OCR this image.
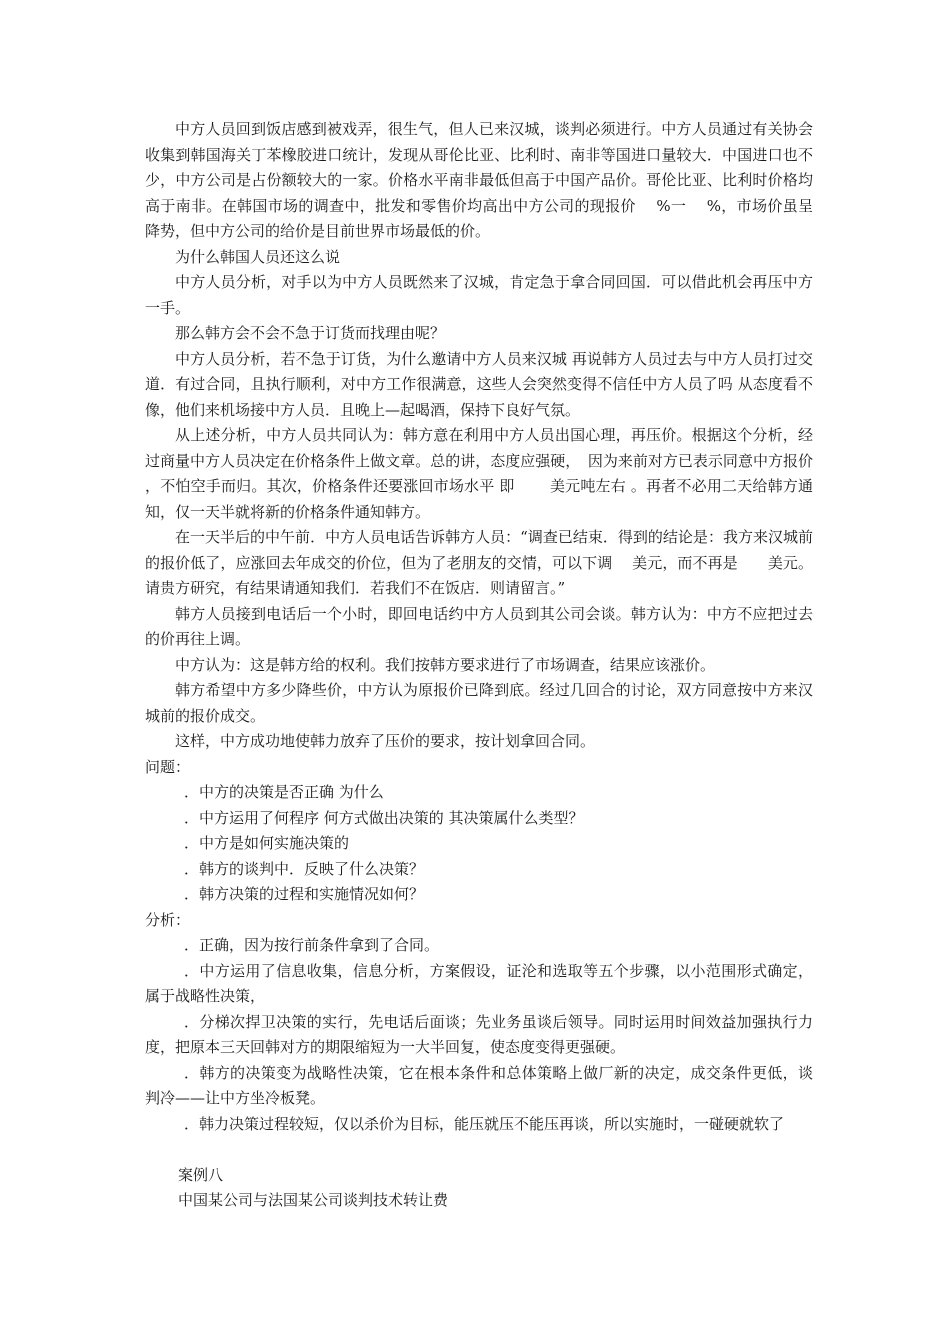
中方人员回到饭店感到被戏弄，很生气，但人已来汉城，谈判必须进行。中方人员通过有关协会收集到韩国海关丁苯橡胶进口统计，发现从哥伦比亚、比利时、南非等国进口量较大．中国进口也不少，中方公司是占份额较大的一家。价格水平南非最低但高于中国产品价。哥伦比亚、比利时价格均高于南非。在韩国市场的调查中，批发和零售价均高出中方公司的现报价　 %一　 %，市场价虽呈降势，但中方公司的给价是目前世界市场最低的价。

为什么韩国人员还这么说

中方人员分析，对手以为中方人员既然来了汉城，肯定急于拿合同回国．可以借此机会再压中方一手。

那么韩方会不会不急于订货而找理由呢？

中方人员分析，若不急于订货，为什么邀请中方人员来汉城 再说韩方人员过去与中方人员打过交道．有过合同，且执行顺利，对中方工作很满意，这些人会突然变得不信任中方人员了吗 从态度看不像，他们来机场接中方人员．且晚上—起喝酒，保持下良好气氛。

从上述分析，中方人员共同认为：韩方意在利用中方人员出国心理，再压价。根据这个分析，经过商量中方人员决定在价格条件上做文章。总的讲，态度应强硬，　因为来前对方已表示同意中方报价 ，不怕空手而归。其次，价格条件还要涨回市场水平 即　　 美元吨左右 。再者不必用二天给韩方通知，仅一天半就将新的价格条件通知韩方。

在一天半后的中午前．中方人员电话告诉韩方人员：“调查已结束．得到的结论是：我方来汉城前的报价低了，应涨回去年成交的价位，但为了老朋友的交情，可以下调　 美元，而不再是　　美元。请贵方研究，有结果请通知我们．若我们不在饭店．则请留言。”

韩方人员接到电话后一个小时，即回电话约中方人员到其公司会谈。韩方认为：中方不应把过去的价再往上调。

中方认为：这是韩方给的权利。我们按韩方要求进行了市场调查，结果应该涨价。

韩方希望中方多少降些价，中方认为原报价已降到底。经过几回合的讨论，双方同意按中方来汉城前的报价成交。

这样，中方成功地使韩力放弃了压价的要求，按计划拿回合同。

问题：

．中方的决策是否正确 为什么

．中方运用了何程序 何方式做出决策的 其决策属什么类型？

．中方是如何实施决策的

．韩方的谈判中．反映了什么决策？

．韩方决策的过程和实施情况如何？

分析：

．正确，因为按行前条件拿到了合同。

．中方运用了信息收集，信息分析，方案假设，证沦和选取等五个步骤，以小范围形式确定，属于战略性决策，

．分梯次捍卫决策的实行，先电话后面谈；先业务虽谈后领导。同时运用时间效益加强执行力度，把原本三天回韩对方的期限缩短为一大半回复，使态度变得更强硬。

．韩方的决策变为战略性决策，它在根本条件和总体策略上做厂新的决定，成交条件更低，谈判冷——让中方坐冷板凳。

．韩力决策过程较短，仅以杀价为目标，能压就压不能压再谈，所以实施时，一碰硬就软了

案例八

中国某公司与法国某公司谈判技术转让费
